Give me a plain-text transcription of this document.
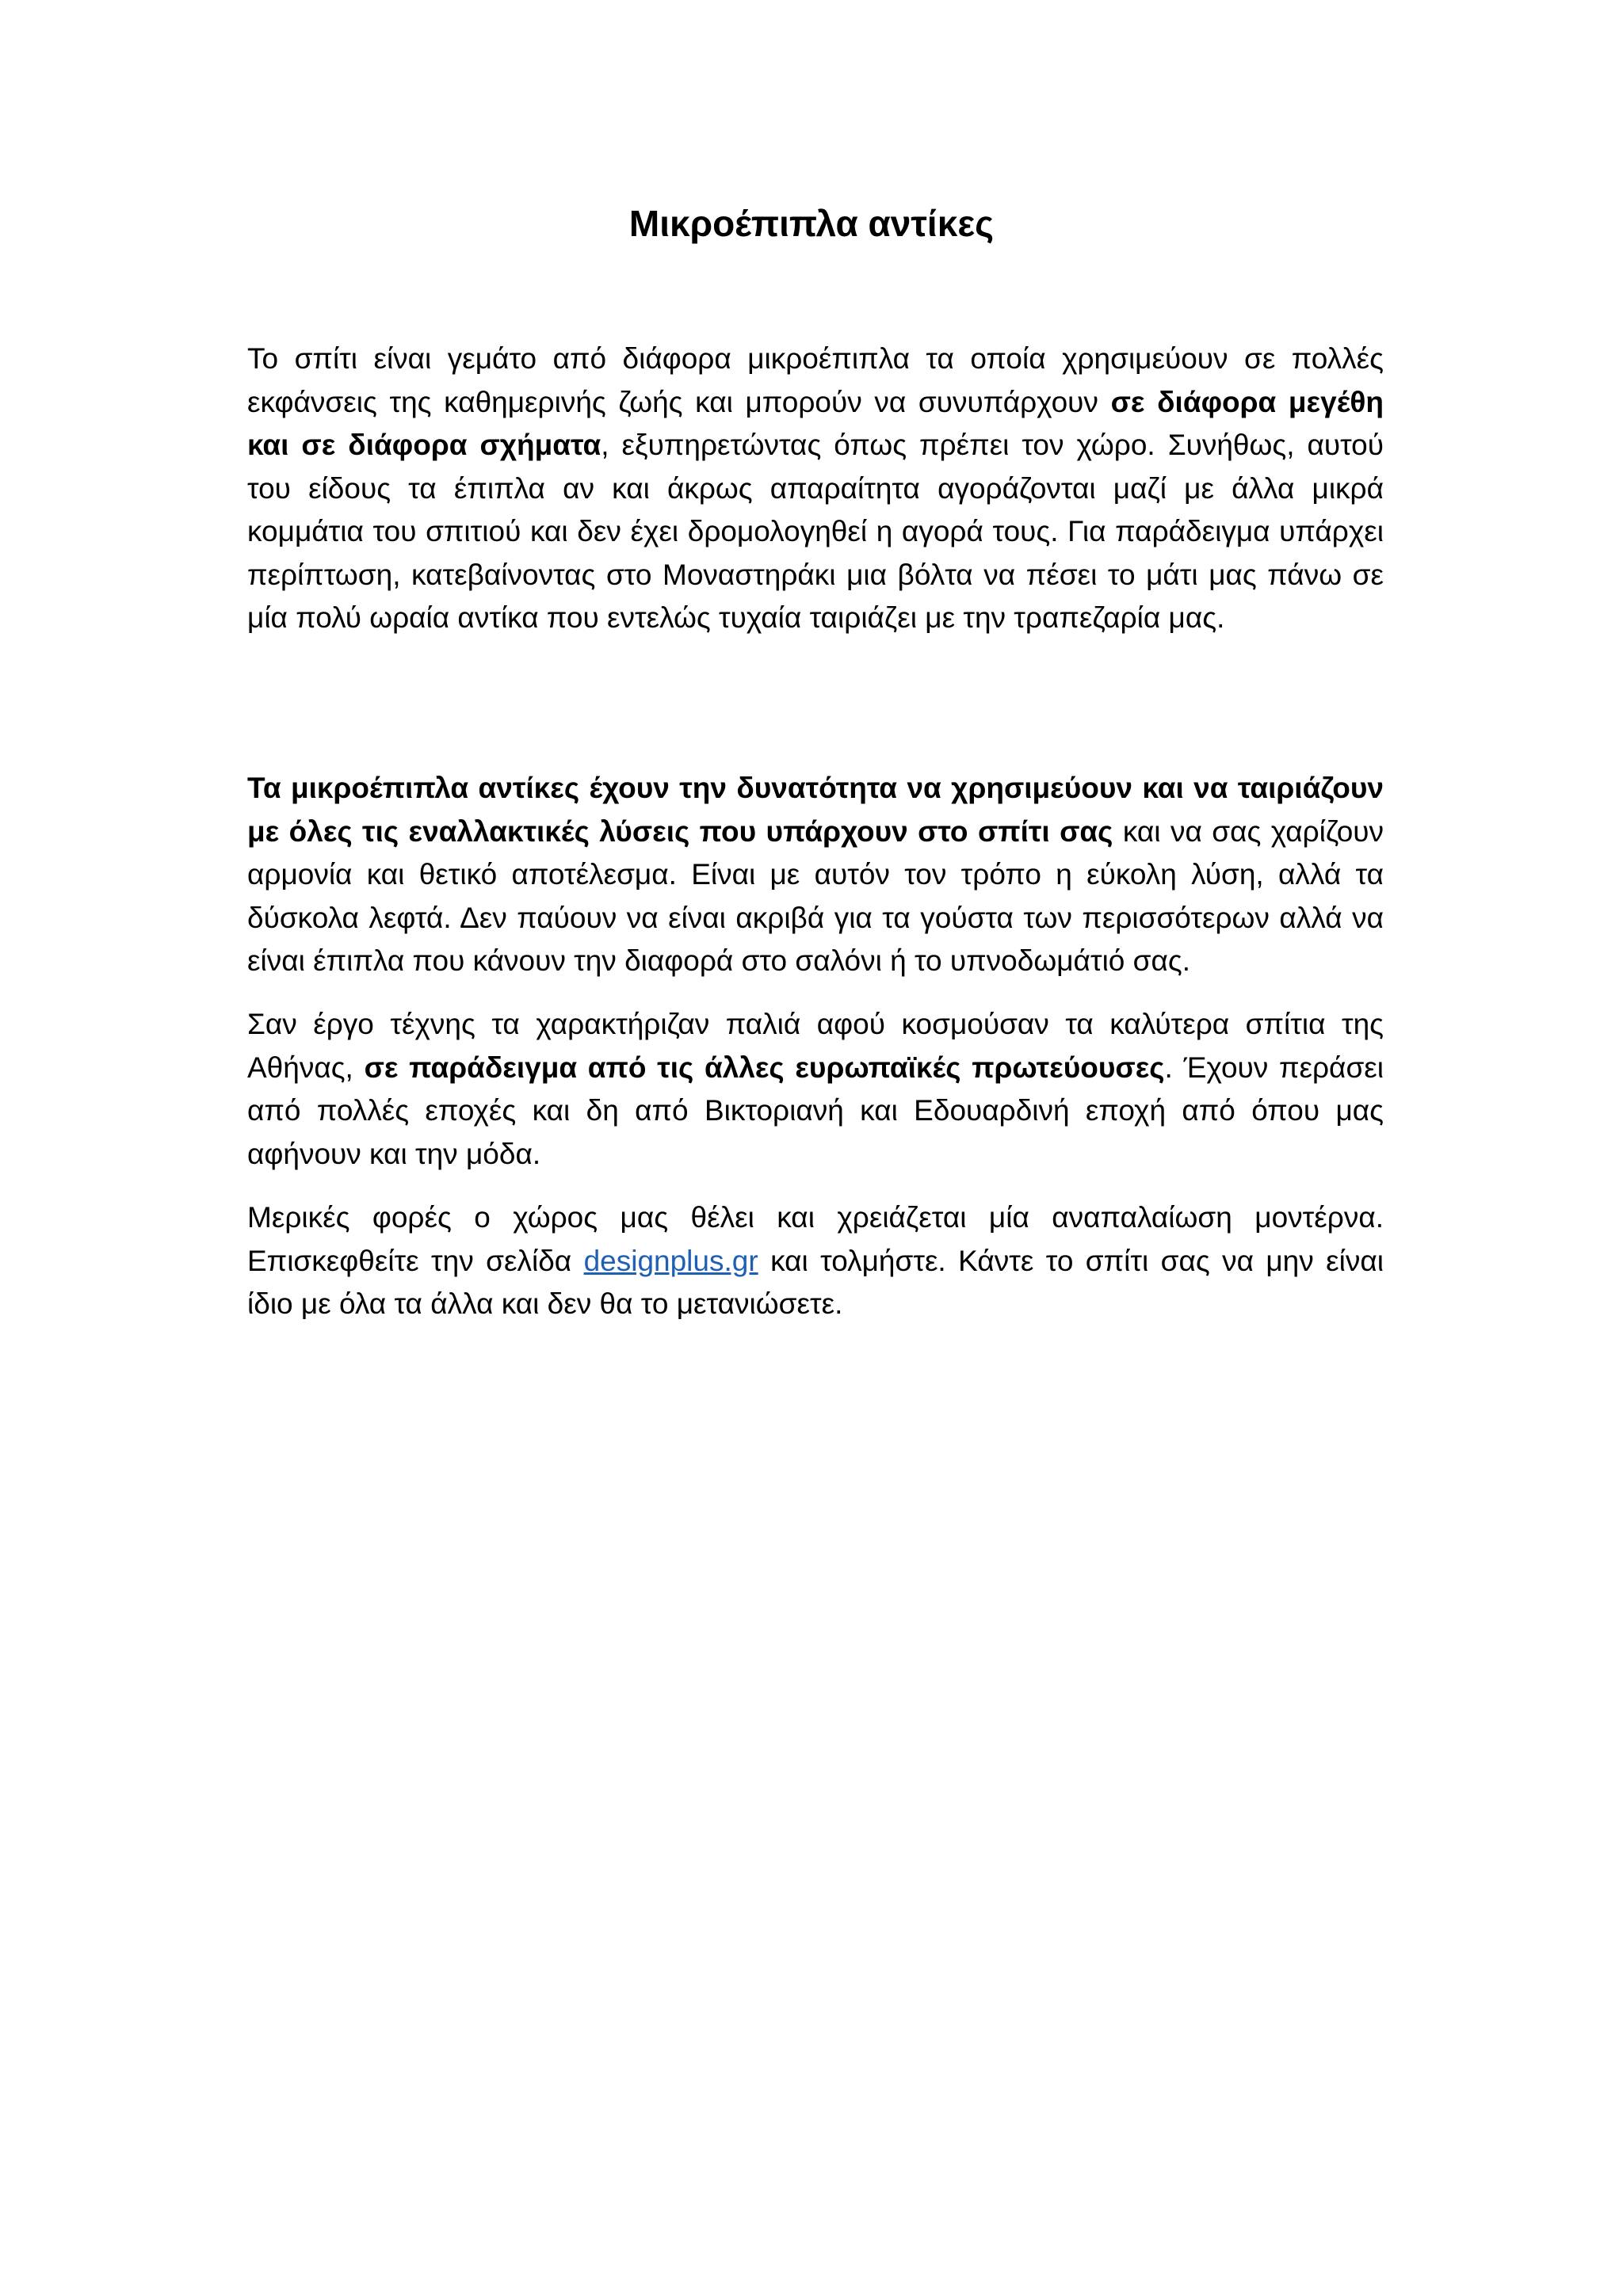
Μικροέπιπλα αντίκες

Το σπίτι είναι γεμάτο από διάφορα μικροέπιπλα τα οποία χρησιμεύουν σε πολλές εκφάνσεις της καθημερινής ζωής και μπορούν να συνυπάρχουν σε διάφορα μεγέθη και σε διάφορα σχήματα, εξυπηρετώντας όπως πρέπει τον χώρο. Συνήθως, αυτού του είδους τα έπιπλα αν και άκρως απαραίτητα αγοράζονται μαζί με άλλα μικρά κομμάτια του σπιτιού και δεν έχει δρομολογηθεί η αγορά τους. Για παράδειγμα υπάρχει περίπτωση, κατεβαίνοντας στο Μοναστηράκι μια βόλτα να πέσει το μάτι μας πάνω σε μία πολύ ωραία αντίκα που εντελώς τυχαία ταιριάζει με την τραπεζαρία μας.

Τα μικροέπιπλα αντίκες έχουν την δυνατότητα να χρησιμεύουν και να ταιριάζουν με όλες τις εναλλακτικές λύσεις που υπάρχουν στο σπίτι σας και να σας χαρίζουν αρμονία και θετικό αποτέλεσμα. Είναι με αυτόν τον τρόπο η εύκολη λύση, αλλά τα δύσκολα λεφτά. Δεν παύουν να είναι ακριβά για τα γούστα των περισσότερων αλλά να είναι έπιπλα που κάνουν την διαφορά στο σαλόνι ή το υπνοδωμάτιό σας.

Σαν έργο τέχνης τα χαρακτήριζαν παλιά αφού κοσμούσαν τα καλύτερα σπίτια της Αθήνας, σε παράδειγμα από τις άλλες ευρωπαϊκές πρωτεύουσες. Έχουν περάσει από πολλές εποχές και δη από Βικτοριανή και Εδουαρδινή εποχή από όπου μας αφήνουν και την μόδα.

Μερικές φορές ο χώρος μας θέλει και χρειάζεται μία αναπαλαίωση μοντέρνα. Επισκεφθείτε την σελίδα designplus.gr και τολμήστε. Κάντε το σπίτι σας να μην είναι ίδιο με όλα τα άλλα και δεν θα το μετανιώσετε.
